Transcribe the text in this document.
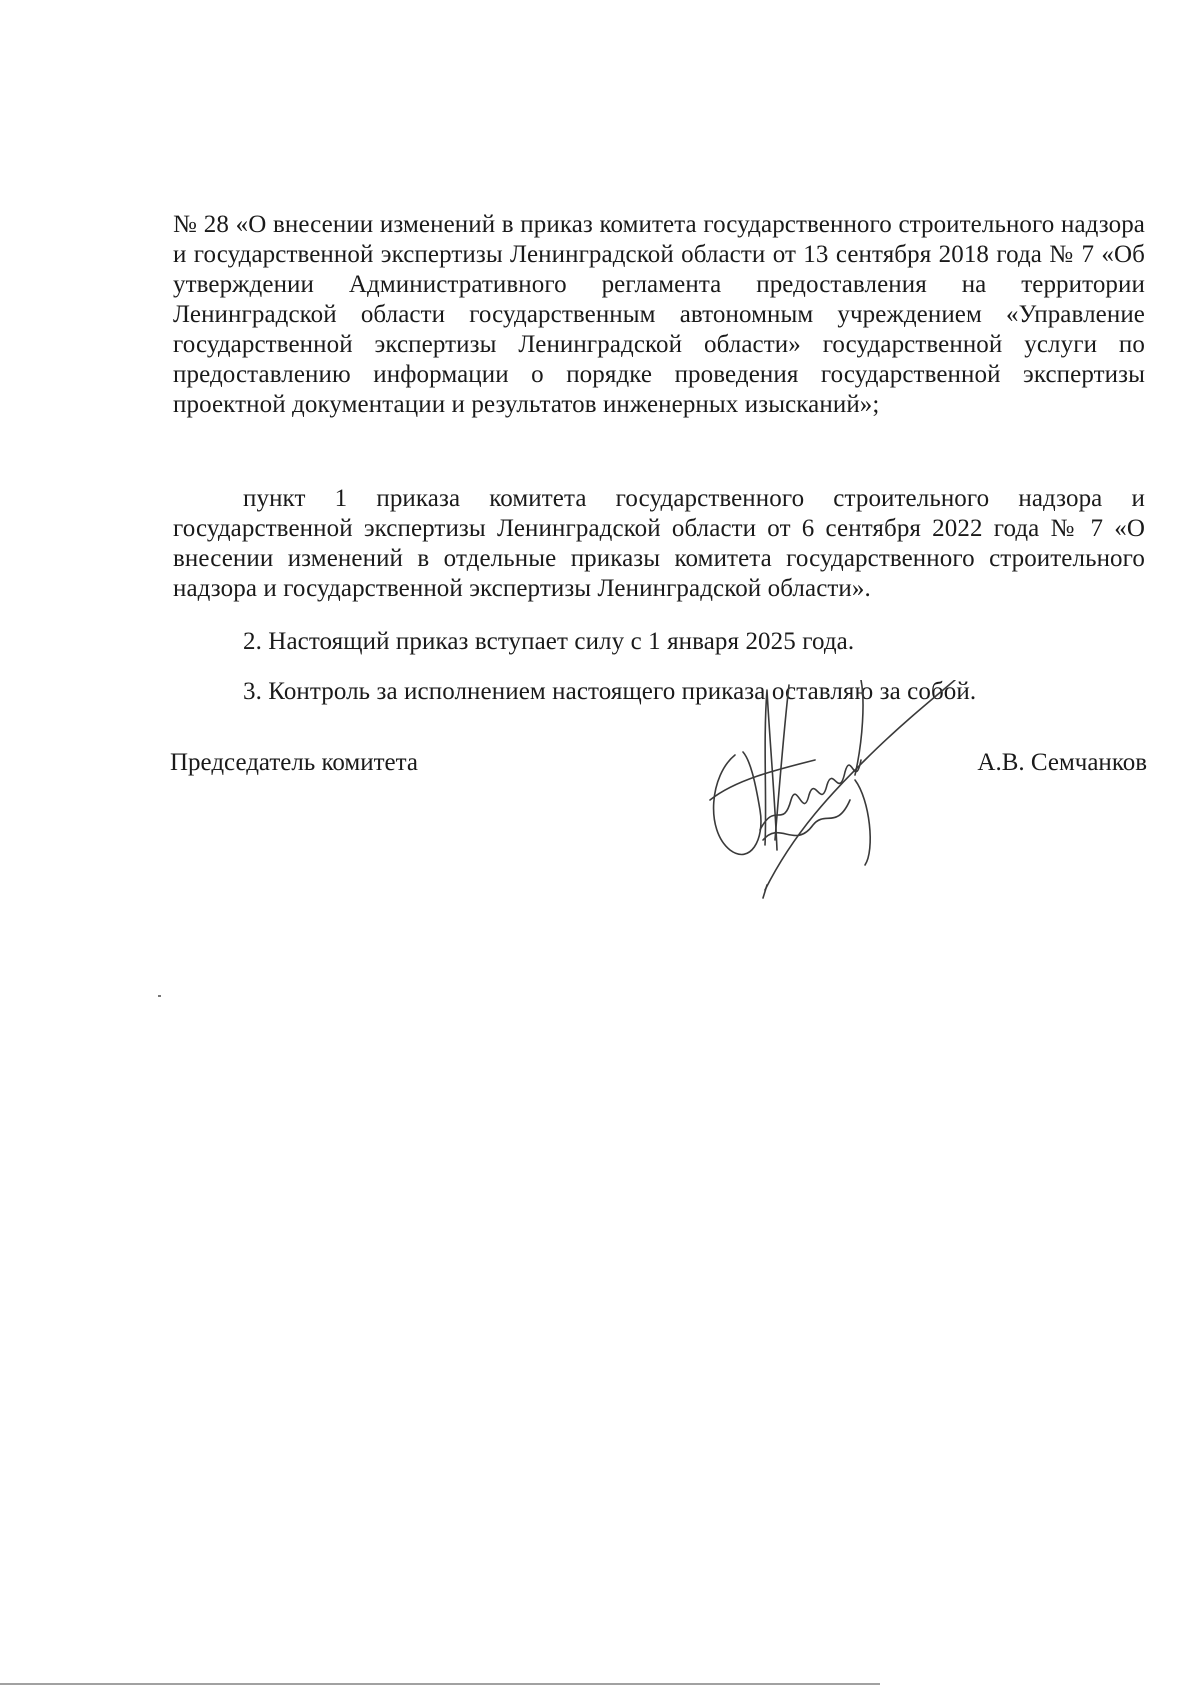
№ 28 «О внесении изменений в приказ комитета государственного строительного надзора и государственной экспертизы Ленинградской области от 13 сентября 2018 года № 7 «Об утверждении Административного регламента предоставления на территории Ленинградской области государственным автономным учреждением «Управление государственной экспертизы Ленинградской области» государственной услуги по предоставлению информации о порядке проведения государственной экспертизы проектной документации и результатов инженерных изысканий»;

пункт 1 приказа комитета государственного строительного надзора и государственной экспертизы Ленинградской области от 6 сентября 2022 года № 7 «О внесении изменений в отдельные приказы комитета государственного строительного надзора и государственной экспертизы Ленинградской области».

2. Настоящий приказ вступает силу с 1 января 2025 года.

3. Контроль за исполнением настоящего приказа оставляю за собой.

Председатель комитета	А.В. Семчанков
